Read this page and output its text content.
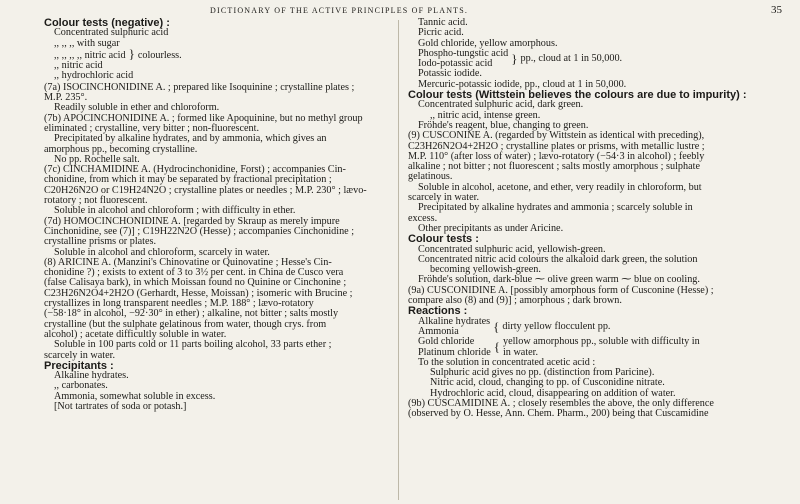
DICTIONARY OF THE ACTIVE PRINCIPLES OF PLANTS.	35

Colour tests (negative) :

Concentrated sulphuric acid

,, ,, ,, with sugar

,, ,, ,, ,, nitric acid } colourless.

,, nitric acid

,, hydrochloric acid

(7a) ISOCINCHONIDINE A. ; prepared like Isoquinine ; crystalline plates ;

M.P. 235°.

Readily soluble in ether and chloroform.

(7b) APOCINCHONIDINE A. ; formed like Apoquinine, but no methyl group

eliminated ; crystalline, very bitter ; non-fluorescent.

Precipitated by alkaline hydrates, and by ammonia, which gives an

amorphous pp., becoming crystalline.

No pp. Rochelle salt.

(7c) CINCHAMIDINE A. (Hydrocinchonidine, Forst) ; accompanies Cin-

chonidine, from which it may be separated by fractional precipitation ;

C20H26N2O or C19H24N2O ; crystalline plates or needles ; M.P. 230° ; lævo-

rotatory ; not fluorescent.

Soluble in alcohol and chloroform ; with difficulty in ether.

(7d) HOMOCINCHONIDINE A. [regarded by Skraup as merely impure

Cinchonidine, see (7)] ; C19H22N2O (Hesse) ; accompanies Cinchonidine ;

crystalline prisms or plates.

Soluble in alcohol and chloroform, scarcely in water.

(8) ARICINE A. (Manzini's Chinovatine or Quinovatine ; Hesse's Cin-

chonidine ?) ; exists to extent of 3 to 3½ per cent. in China de Cusco vera

(false Calisaya bark), in which Moissan found no Quinine or Cinchonine ;

C23H26N2O4+2H2O (Gerhardt, Hesse, Moissan) ; isomeric with Brucine ;

crystallizes in long transparent needles ; M.P. 188° ; lævo-rotatory

(−58·18° in alcohol, −92·30° in ether) ; alkaline, not bitter ; salts mostly

crystalline (but the sulphate gelatinous from water, though crys. from

alcohol) ; acetate difficultly soluble in water.

Soluble in 100 parts cold or 11 parts boiling alcohol, 33 parts ether ;

scarcely in water.

Precipitants :

Alkaline hydrates.

,, carbonates.

Ammonia, somewhat soluble in excess.

[Not tartrates of soda or potash.]

Tannic acid.

Picric acid.

Gold chloride, yellow amorphous.

Phospho-tungstic acid

Iodo-potassic acid	} pp., cloud at 1 in 50,000.

Potassic iodide.

Mercuric-potassic iodide, pp., cloud at 1 in 50,000.

Colour tests (Wittstein believes the colours are due to impurity) :

Concentrated sulphuric acid, dark green.

,, nitric acid, intense green.

Fröhde's reagent, blue, changing to green.

(9) CUSCONINE A. (regarded by Wittstein as identical with preceding),

C23H26N2O4+2H2O ; crystalline plates or prisms, with metallic lustre ;

M.P. 110° (after loss of water) ; lævo-rotatory (−54·3 in alcohol) ; feebly

alkaline ; not bitter ; not fluorescent ; salts mostly amorphous ; sulphate

gelatinous.

Soluble in alcohol, acetone, and ether, very readily in chloroform, but

scarcely in water.

Precipitated by alkaline hydrates and ammonia ; scarcely soluble in

excess.

Other precipitants as under Aricine.

Colour tests :

Concentrated sulphuric acid, yellowish-green.

Concentrated nitric acid colours the alkaloid dark green, the solution

becoming yellowish-green.

Fröhde's solution, dark-blue ⁓ olive green warm ⁓ blue on cooling.

(9a) CUSCONIDINE A. [possibly amorphous form of Cusconine (Hesse) ;

compare also (8) and (9)] ; amorphous ; dark brown.

Reactions :

Alkaline hydrates

Ammonia	{ dirty yellow flocculent pp.

Gold chloride

Platinum chloride { yellow amorphous pp., soluble with difficulty in

in water.

To the solution in concentrated acetic acid :

Sulphuric acid gives no pp. (distinction from Paricine).

Nitric acid, cloud, changing to pp. of Cusconidine nitrate.

Hydrochloric acid, cloud, disappearing on addition of water.

(9b) CUSCAMIDINE A. ; closely resembles the above, the only difference

(observed by O. Hesse, Ann. Chem. Pharm., 200) being that Cuscamidine
